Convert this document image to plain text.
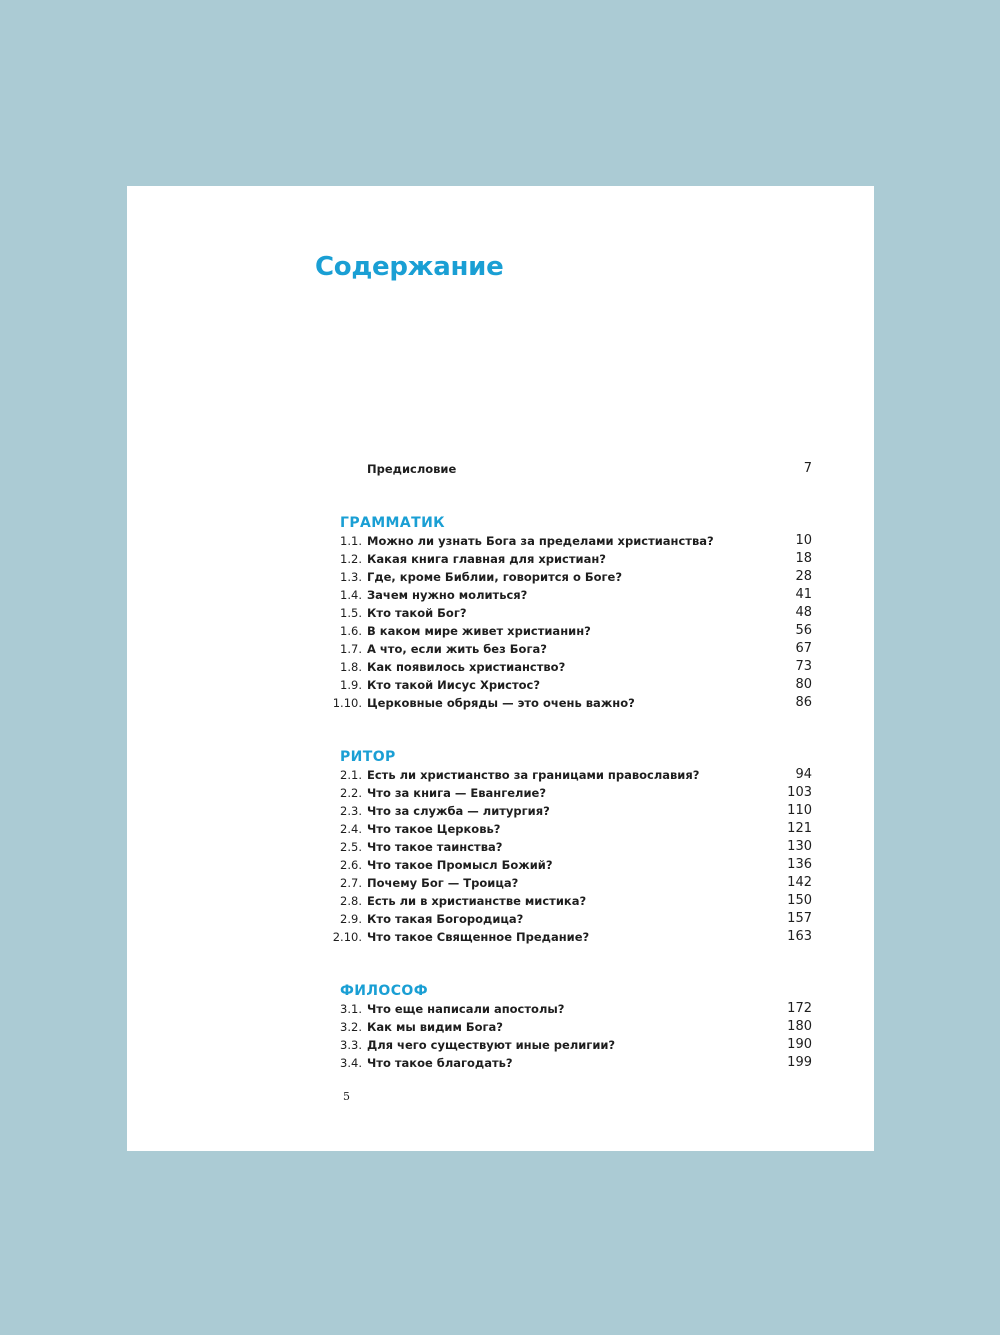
Содержание
Предисловие	7
ГРАММАТИК
1.1. Можно ли узнать Бога за пределами христианства?	10
1.2. Какая книга главная для христиан?	18
1.3. Где, кроме Библии, говорится о Боге?	28
1.4. Зачем нужно молиться?	41
1.5. Кто такой Бог?	48
1.6. В каком мире живет христианин?	56
1.7. А что, если жить без Бога?	67
1.8. Как появилось христианство?	73
1.9. Кто такой Иисус Христос?	80
1.10. Церковные обряды — это очень важно?	86
РИТОР
2.1. Есть ли христианство за границами православия?	94
2.2. Что за книга — Евангелие?	103
2.3. Что за служба — литургия?	110
2.4. Что такое Церковь?	121
2.5. Что такое таинства?	130
2.6. Что такое Промысл Божий?	136
2.7. Почему Бог — Троица?	142
2.8. Есть ли в христианстве мистика?	150
2.9. Кто такая Богородица?	157
2.10. Что такое Священное Предание?	163
ФИЛОСОФ
3.1. Что еще написали апостолы?	172
3.2. Как мы видим Бога?	180
3.3. Для чего существуют иные религии?	190
3.4. Что такое благодать?	199
5
